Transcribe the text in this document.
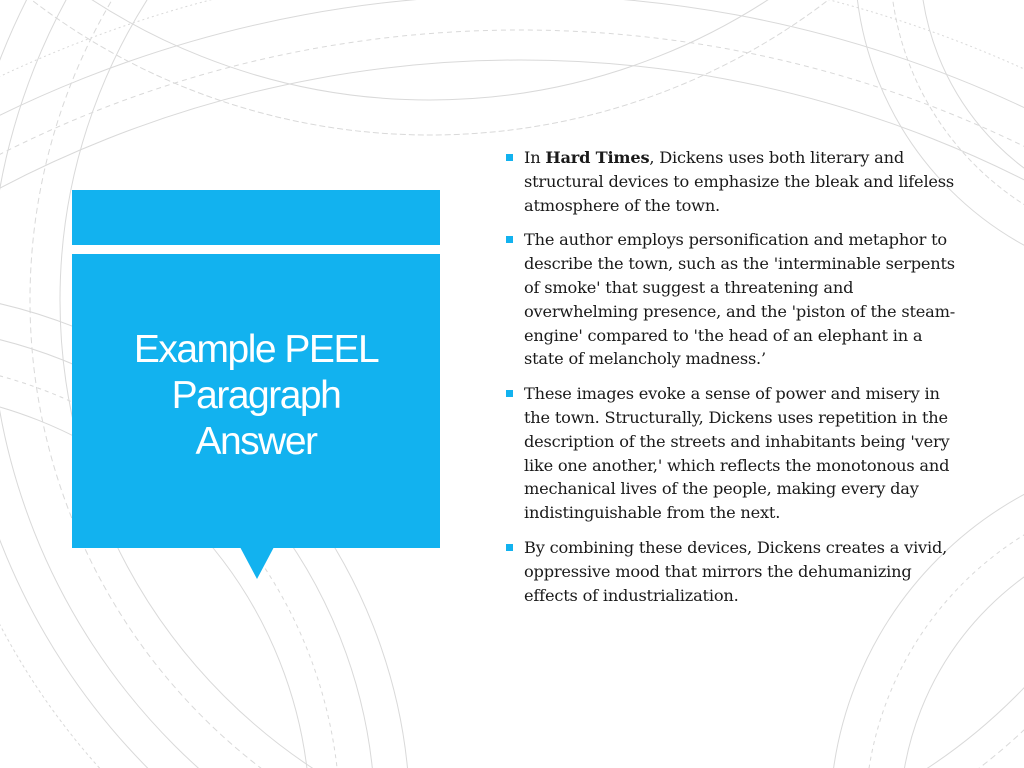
Example PEEL Paragraph Answer
In Hard Times, Dickens uses both literary and structural devices to emphasize the bleak and lifeless atmosphere of the town.
The author employs personification and metaphor to describe the town, such as the 'interminable serpents of smoke' that suggest a threatening and overwhelming presence, and the 'piston of the steam-engine' compared to 'the head of an elephant in a state of melancholy madness.’
These images evoke a sense of power and misery in the town. Structurally, Dickens uses repetition in the description of the streets and inhabitants being 'very like one another,' which reflects the monotonous and mechanical lives of the people, making every day indistinguishable from the next.
By combining these devices, Dickens creates a vivid, oppressive mood that mirrors the dehumanizing effects of industrialization.
